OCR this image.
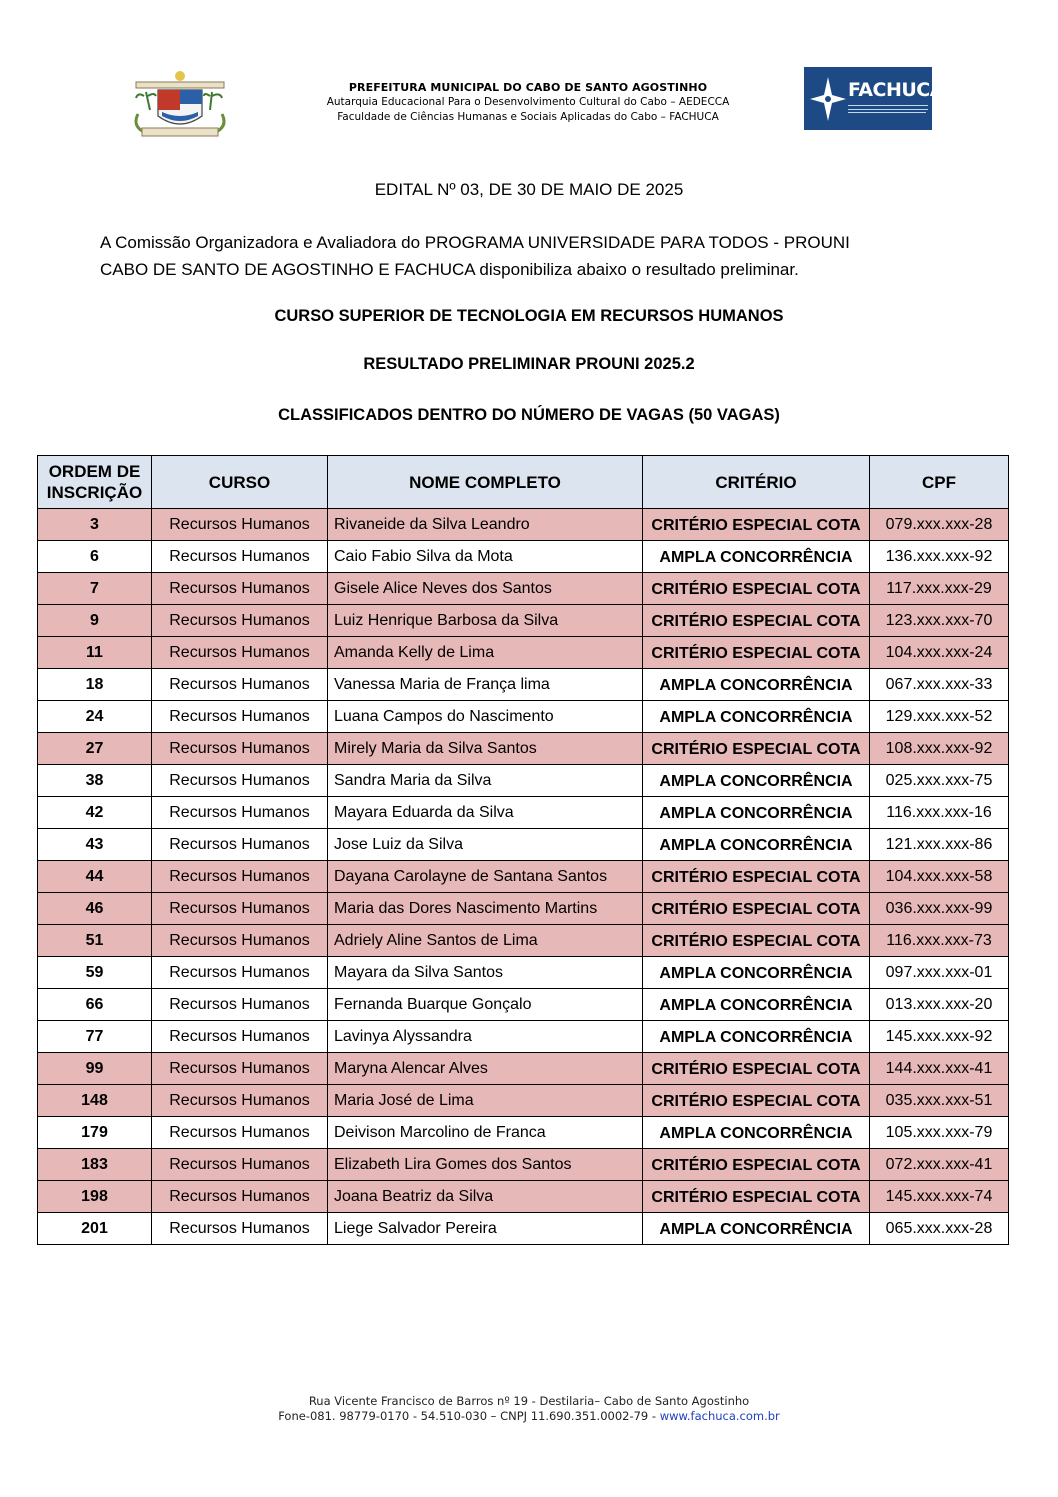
PREFEITURA MUNICIPAL DO CABO DE SANTO AGOSTINHO
Autarquia Educacional Para o Desenvolvimento Cultural do Cabo – AEDECCA
Faculdade de Ciências Humanas e Sociais Aplicadas do Cabo – FACHUCA
FACHUCA
EDITAL Nº 03, DE 30 DE MAIO DE 2025
A Comissão Organizadora e Avaliadora do PROGRAMA UNIVERSIDADE PARA TODOS - PROUNI
CABO DE SANTO DE AGOSTINHO E FACHUCA disponibiliza abaixo o resultado preliminar.
CURSO SUPERIOR DE TECNOLOGIA EM RECURSOS HUMANOS
RESULTADO PRELIMINAR PROUNI 2025.2
CLASSIFICADOS DENTRO DO NÚMERO DE VAGAS (50 VAGAS)
ORDEM DE
INSCRIÇÃO	CURSO	NOME COMPLETO	CRITÉRIO	CPF
3	Recursos Humanos	Rivaneide da Silva Leandro	CRITÉRIO ESPECIAL COTA	079.xxx.xxx-28
6	Recursos Humanos	Caio Fabio Silva da Mota	AMPLA CONCORRÊNCIA	136.xxx.xxx-92
7	Recursos Humanos	Gisele Alice Neves dos Santos	CRITÉRIO ESPECIAL COTA	117.xxx.xxx-29
9	Recursos Humanos	Luiz Henrique Barbosa da Silva	CRITÉRIO ESPECIAL COTA	123.xxx.xxx-70
11	Recursos Humanos	Amanda Kelly de Lima	CRITÉRIO ESPECIAL COTA	104.xxx.xxx-24
18	Recursos Humanos	Vanessa Maria de França lima	AMPLA CONCORRÊNCIA	067.xxx.xxx-33
24	Recursos Humanos	Luana Campos do Nascimento	AMPLA CONCORRÊNCIA	129.xxx.xxx-52
27	Recursos Humanos	Mirely Maria da Silva Santos	CRITÉRIO ESPECIAL COTA	108.xxx.xxx-92
38	Recursos Humanos	Sandra Maria da Silva	AMPLA CONCORRÊNCIA	025.xxx.xxx-75
42	Recursos Humanos	Mayara Eduarda da Silva	AMPLA CONCORRÊNCIA	116.xxx.xxx-16
43	Recursos Humanos	Jose Luiz da Silva	AMPLA CONCORRÊNCIA	121.xxx.xxx-86
44	Recursos Humanos	Dayana Carolayne de Santana Santos	CRITÉRIO ESPECIAL COTA	104.xxx.xxx-58
46	Recursos Humanos	Maria das Dores Nascimento Martins	CRITÉRIO ESPECIAL COTA	036.xxx.xxx-99
51	Recursos Humanos	Adriely Aline Santos de Lima	CRITÉRIO ESPECIAL COTA	116.xxx.xxx-73
59	Recursos Humanos	Mayara da Silva Santos	AMPLA CONCORRÊNCIA	097.xxx.xxx-01
66	Recursos Humanos	Fernanda Buarque Gonçalo	AMPLA CONCORRÊNCIA	013.xxx.xxx-20
77	Recursos Humanos	Lavinya Alyssandra	AMPLA CONCORRÊNCIA	145.xxx.xxx-92
99	Recursos Humanos	Maryna Alencar Alves	CRITÉRIO ESPECIAL COTA	144.xxx.xxx-41
148	Recursos Humanos	Maria José de Lima	CRITÉRIO ESPECIAL COTA	035.xxx.xxx-51
179	Recursos Humanos	Deivison Marcolino de Franca	AMPLA CONCORRÊNCIA	105.xxx.xxx-79
183	Recursos Humanos	Elizabeth Lira Gomes dos Santos	CRITÉRIO ESPECIAL COTA	072.xxx.xxx-41
198	Recursos Humanos	Joana Beatriz da Silva	CRITÉRIO ESPECIAL COTA	145.xxx.xxx-74
201	Recursos Humanos	Liege Salvador Pereira	AMPLA CONCORRÊNCIA	065.xxx.xxx-28
Rua Vicente Francisco de Barros nº 19 - Destilaria– Cabo de Santo Agostinho
Fone-081. 98779-0170 - 54.510-030 – CNPJ 11.690.351.0002-79 - www.fachuca.com.br
